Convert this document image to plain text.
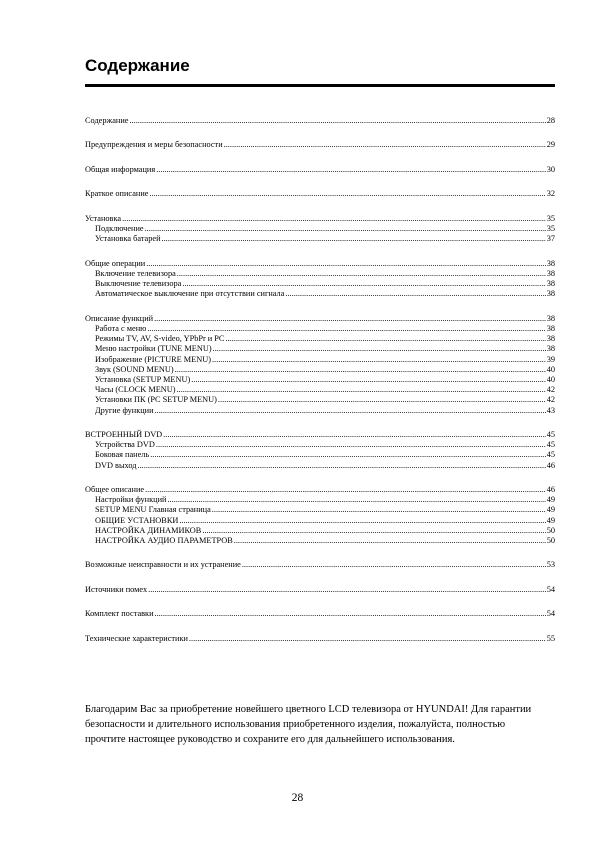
Содержание
Содержание .....	28
Предупреждения и меры безопасности .....	29
Общая информация .....	30
Краткое описание .....	32
Установка .....	35
Подключение .....	35
Установка батарей .....	37
Общие операции .....	38
Включение телевизора .....	38
Выключение телевизора .....	38
Автоматическое выключение при отсутствии сигнала .....	38
Описание функций .....	38
Работа с меню .....	38
Режимы TV, AV, S-video, YPbPr и PC .....	38
Меню настройки (TUNE MENU) .....	38
Изображение (PICTURE MENU) .....	39
Звук (SOUND MENU) .....	40
Установка (SETUP MENU) .....	40
Часы (CLOCK MENU) .....	42
Установки ПК (PC SETUP MENU) .....	42
Другие функции .....	43
ВСТРОЕННЫЙ DVD .....	45
Устройства DVD .....	45
Боковая панель .....	45
DVD выход .....	46
Общее описание .....	46
Настройки функций .....	49
SETUP MENU Главная страница .....	49
ОБЩИЕ УСТАНОВКИ .....	49
НАСТРОЙКА ДИНАМИКОВ .....	50
НАСТРОЙКА АУДИО ПАРАМЕТРОВ .....	50
Возможные неисправности и их устранение .....	53
Источники помех .....	54
Комплект поставки .....	54
Технические характеристики .....	55

Благодарим Вас за приобретение новейшего цветного LCD телевизора от HYUNDAI! Для гарантии безопасности и длительного использования приобретенного изделия, пожалуйста, полностью прочтите настоящее руководство и сохраните его для дальнейшего использования.

28
